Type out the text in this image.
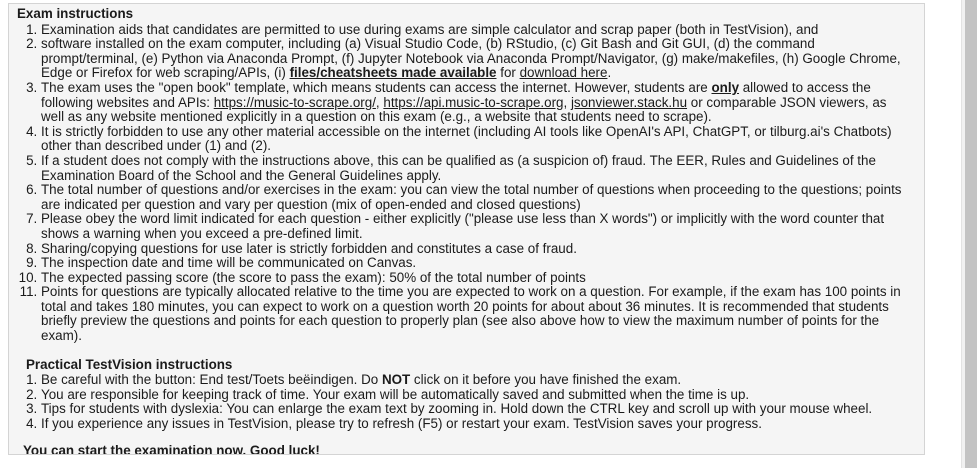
Exam instructions
1. Examination aids that candidates are permitted to use during exams are simple calculator and scrap paper (both in TestVision), and
2. software installed on the exam computer, including (a) Visual Studio Code, (b) RStudio, (c) Git Bash and Git GUI, (d) the command prompt/terminal, (e) Python via Anaconda Prompt, (f) Jupyter Notebook via Anaconda Prompt/Navigator, (g) make/makefiles, (h) Google Chrome, Edge or Firefox for web scraping/APIs, (i) files/cheatsheets made available for download here.
3. The exam uses the "open book" template, which means students can access the internet. However, students are only allowed to access the following websites and APIs: https://music-to-scrape.org/, https://api.music-to-scrape.org, jsonviewer.stack.hu or comparable JSON viewers, as well as any website mentioned explicitly in a question on this exam (e.g., a website that students need to scrape).
4. It is strictly forbidden to use any other material accessible on the internet (including AI tools like OpenAI's API, ChatGPT, or tilburg.ai's Chatbots) other than described under (1) and (2).
5. If a student does not comply with the instructions above, this can be qualified as (a suspicion of) fraud. The EER, Rules and Guidelines of the Examination Board of the School and the General Guidelines apply.
6. The total number of questions and/or exercises in the exam: you can view the total number of questions when proceeding to the questions; points are indicated per question and vary per question (mix of open-ended and closed questions)
7. Please obey the word limit indicated for each question - either explicitly ("please use less than X words") or implicitly with the word counter that shows a warning when you exceed a pre-defined limit.
8. Sharing/copying questions for use later is strictly forbidden and constitutes a case of fraud.
9. The inspection date and time will be communicated on Canvas.
10. The expected passing score (the score to pass the exam): 50% of the total number of points
11. Points for questions are typically allocated relative to the time you are expected to work on a question. For example, if the exam has 100 points in total and takes 180 minutes, you can expect to work on a question worth 20 points for about about 36 minutes. It is recommended that students briefly preview the questions and points for each question to properly plan (see also above how to view the maximum number of points for the exam).
Practical TestVision instructions
1. Be careful with the button: End test/Toets beëindigen. Do NOT click on it before you have finished the exam.
2. You are responsible for keeping track of time. Your exam will be automatically saved and submitted when the time is up.
3. Tips for students with dyslexia: You can enlarge the exam text by zooming in. Hold down the CTRL key and scroll up with your mouse wheel.
4. If you experience any issues in TestVision, please try to refresh (F5) or restart your exam. TestVision saves your progress.
You can start the examination now. Good luck!
